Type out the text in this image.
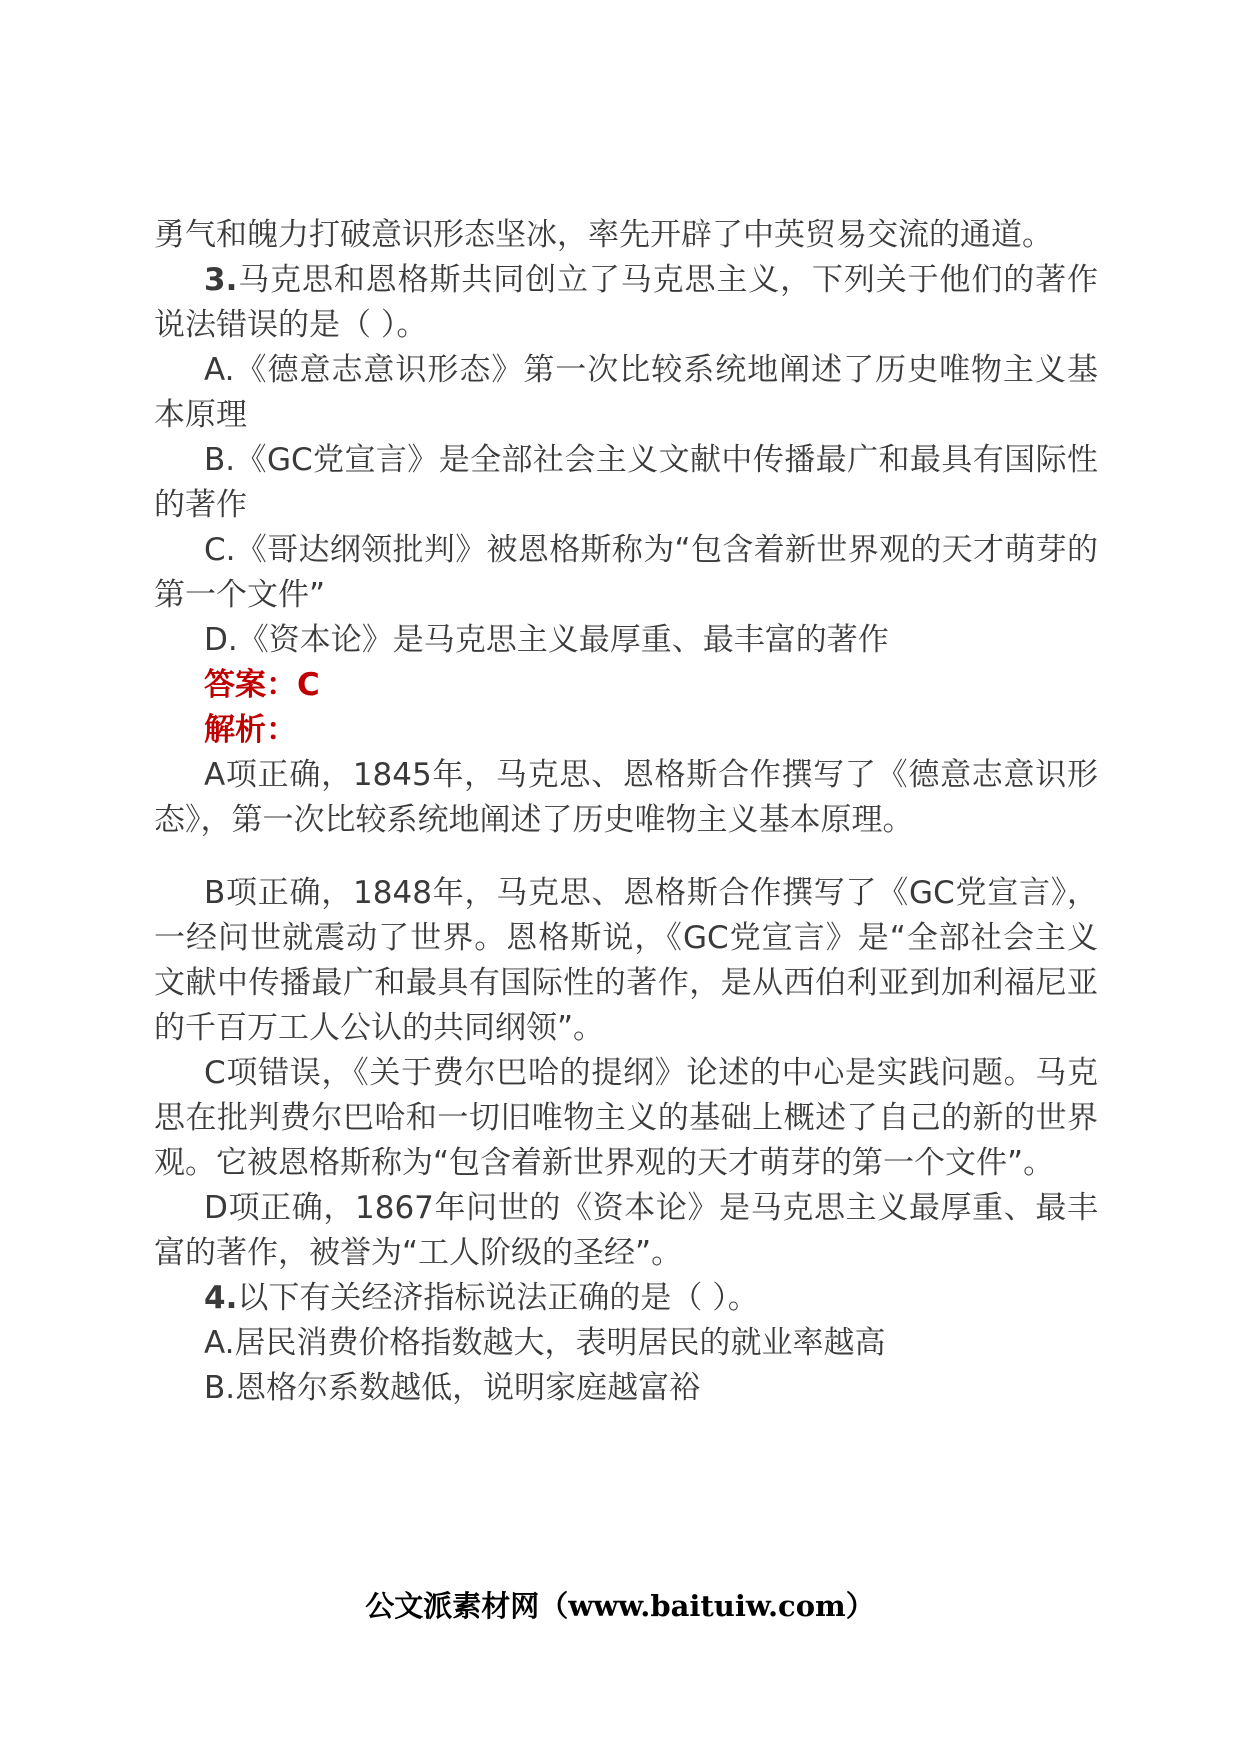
勇气和魄力打破意识形态坚冰，率先开辟了中英贸易交流的通道。

3.马克思和恩格斯共同创立了马克思主义，下列关于他们的著作说法错误的是（ ）。

A.《德意志意识形态》第一次比较系统地阐述了历史唯物主义基本原理

B.《GC党宣言》是全部社会主义文献中传播最广和最具有国际性的著作

C.《哥达纲领批判》被恩格斯称为“包含着新世界观的天才萌芽的第一个文件”

D.《资本论》是马克思主义最厚重、最丰富的著作

答案：C

解析：

A项正确，1845年，马克思、恩格斯合作撰写了《德意志意识形态》，第一次比较系统地阐述了历史唯物主义基本原理。

B项正确，1848年，马克思、恩格斯合作撰写了《GC党宣言》，一经问世就震动了世界。恩格斯说，《GC党宣言》是“全部社会主义文献中传播最广和最具有国际性的著作，是从西伯利亚到加利福尼亚的千百万工人公认的共同纲领”。

C项错误，《关于费尔巴哈的提纲》论述的中心是实践问题。马克思在批判费尔巴哈和一切旧唯物主义的基础上概述了自己的新的世界观。它被恩格斯称为“包含着新世界观的天才萌芽的第一个文件”。

D项正确，1867年问世的《资本论》是马克思主义最厚重、最丰富的著作，被誉为“工人阶级的圣经”。

4.以下有关经济指标说法正确的是（ ）。

A.居民消费价格指数越大，表明居民的就业率越高

B.恩格尔系数越低，说明家庭越富裕

公文派素材网（www.baituiw.com）
